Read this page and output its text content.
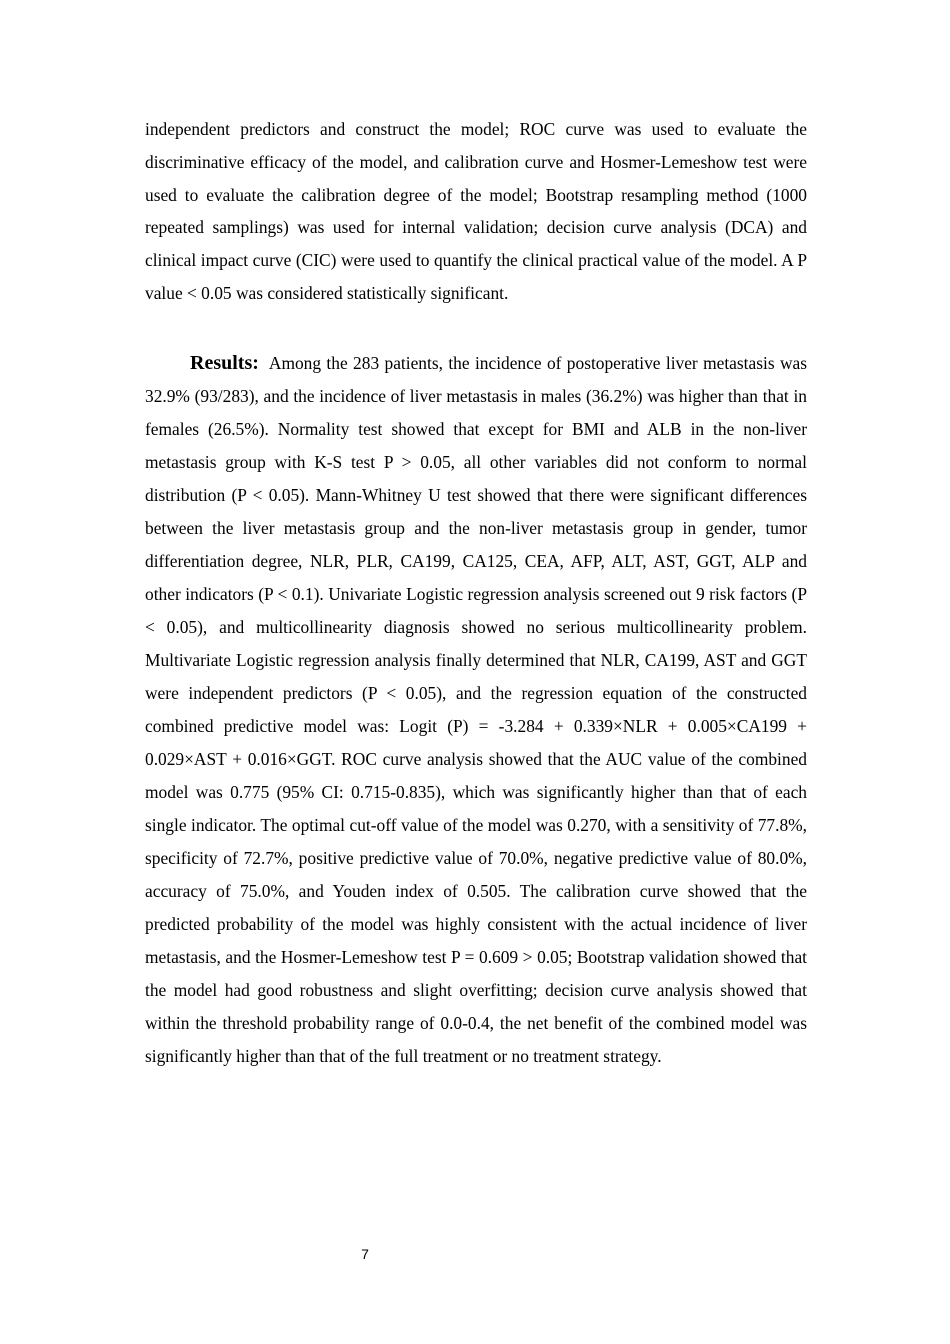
independent predictors and construct the model; ROC curve was used to evaluate the discriminative efficacy of the model, and calibration curve and Hosmer-Lemeshow test were used to evaluate the calibration degree of the model; Bootstrap resampling method (1000 repeated samplings) was used for internal validation; decision curve analysis (DCA) and clinical impact curve (CIC) were used to quantify the clinical practical value of the model. A P value < 0.05 was considered statistically significant.

Results: Among the 283 patients, the incidence of postoperative liver metastasis was 32.9% (93/283), and the incidence of liver metastasis in males (36.2%) was higher than that in females (26.5%). Normality test showed that except for BMI and ALB in the non-liver metastasis group with K-S test P > 0.05, all other variables did not conform to normal distribution (P < 0.05). Mann-Whitney U test showed that there were significant differences between the liver metastasis group and the non-liver metastasis group in gender, tumor differentiation degree, NLR, PLR, CA199, CA125, CEA, AFP, ALT, AST, GGT, ALP and other indicators (P < 0.1). Univariate Logistic regression analysis screened out 9 risk factors (P < 0.05), and multicollinearity diagnosis showed no serious multicollinearity problem. Multivariate Logistic regression analysis finally determined that NLR, CA199, AST and GGT were independent predictors (P < 0.05), and the regression equation of the constructed combined predictive model was: Logit (P) = -3.284 + 0.339×NLR + 0.005×CA199 + 0.029×AST + 0.016×GGT. ROC curve analysis showed that the AUC value of the combined model was 0.775 (95% CI: 0.715-0.835), which was significantly higher than that of each single indicator. The optimal cut-off value of the model was 0.270, with a sensitivity of 77.8%, specificity of 72.7%, positive predictive value of 70.0%, negative predictive value of 80.0%, accuracy of 75.0%, and Youden index of 0.505. The calibration curve showed that the predicted probability of the model was highly consistent with the actual incidence of liver metastasis, and the Hosmer-Lemeshow test P = 0.609 > 0.05; Bootstrap validation showed that the model had good robustness and slight overfitting; decision curve analysis showed that within the threshold probability range of 0.0-0.4, the net benefit of the combined model was significantly higher than that of the full treatment or no treatment strategy.

7
